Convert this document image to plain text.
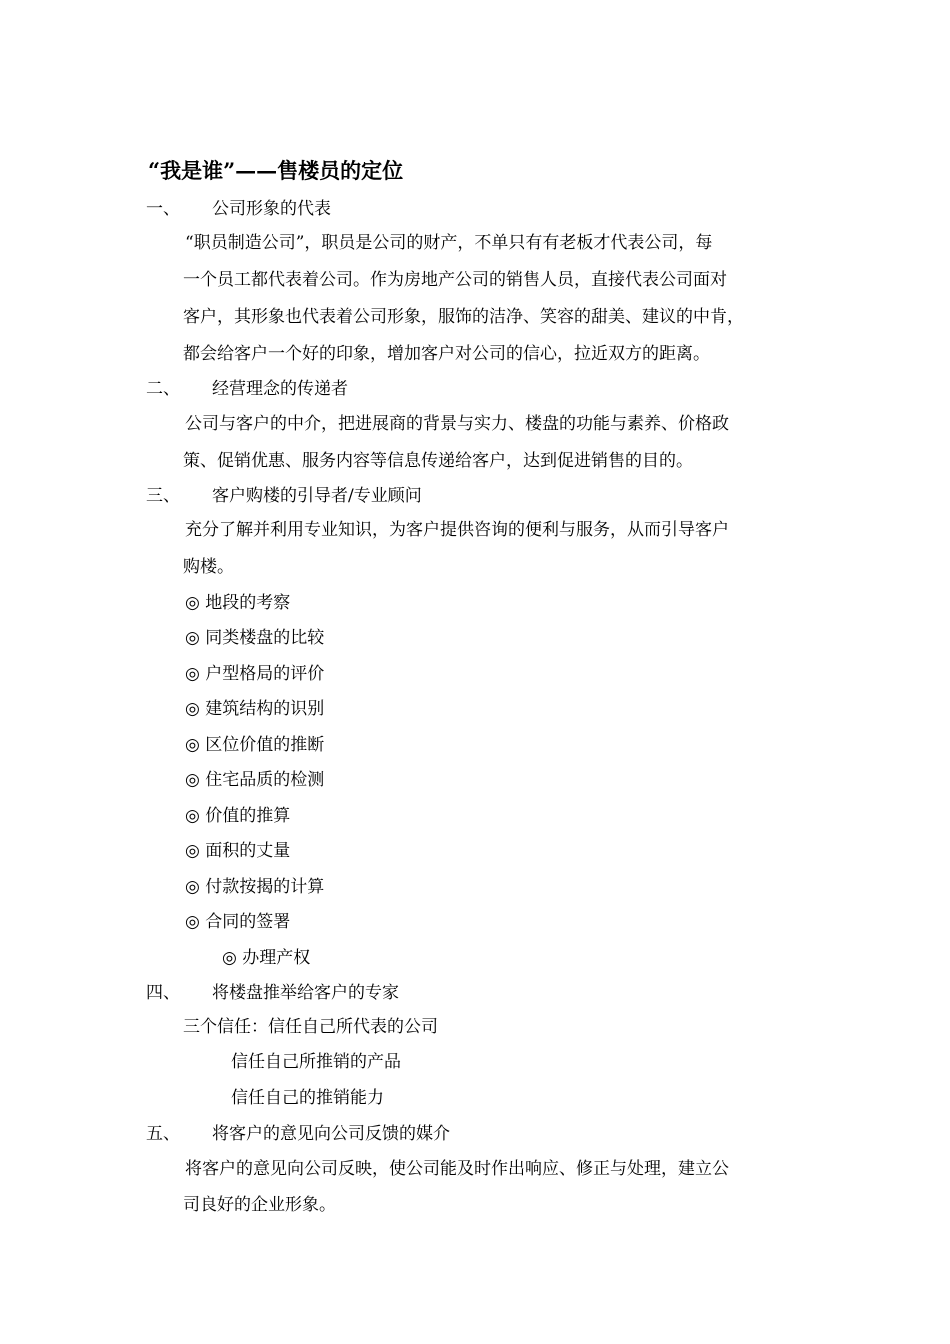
“我是谁”——售楼员的定位
一、 公司形象的代表
“职员制造公司”，职员是公司的财产，不单只有有老板才代表公司，每
一个员工都代表着公司。作为房地产公司的销售人员，直接代表公司面对
客户，其形象也代表着公司形象，服饰的洁净、笑容的甜美、建议的中肯，
都会给客户一个好的印象，增加客户对公司的信心，拉近双方的距离。
二、 经营理念的传递者
公司与客户的中介，把进展商的背景与实力、楼盘的功能与素养、价格政
策、促销优惠、服务内容等信息传递给客户，达到促进销售的目的。
三、 客户购楼的引导者/专业顾问
充分了解并利用专业知识，为客户提供咨询的便利与服务，从而引导客户
购楼。
◎ 地段的考察
◎ 同类楼盘的比较
◎ 户型格局的评价
◎ 建筑结构的识别
◎ 区位价值的推断
◎ 住宅品质的检测
◎ 价值的推算
◎ 面积的丈量
◎ 付款按揭的计算
◎ 合同的签署
◎ 办理产权
四、 将楼盘推举给客户的专家
三个信任：信任自己所代表的公司
信任自己所推销的产品
信任自己的推销能力
五、 将客户的意见向公司反馈的媒介
将客户的意见向公司反映，使公司能及时作出响应、修正与处理，建立公
司良好的企业形象。
